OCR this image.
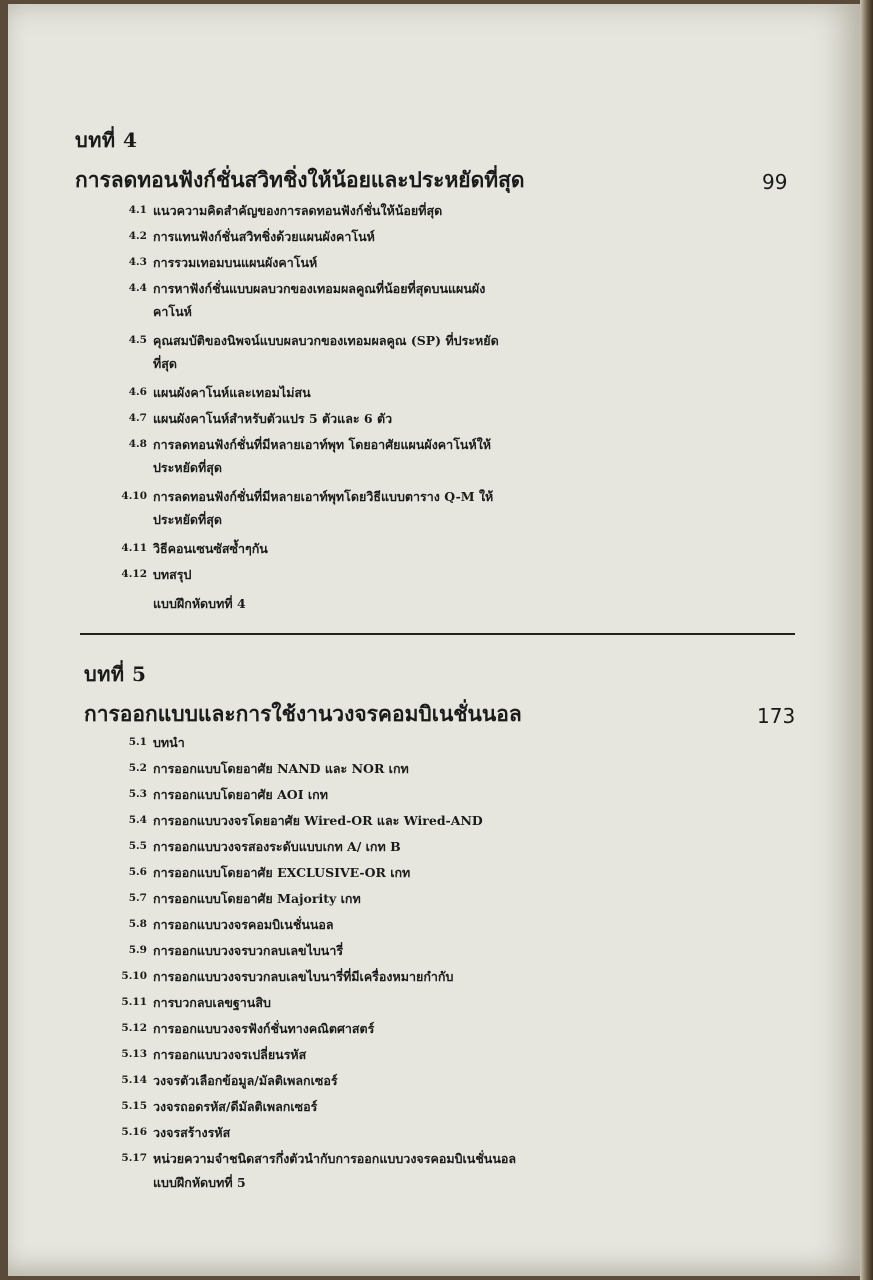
บทที่ 4
การลดทอนฟังก์ชั่นสวิทชิ่งให้น้อยและประหยัดที่สุด	99
4.1 แนวความคิดสำคัญของการลดทอนฟังก์ชั่นให้น้อยที่สุด
4.2 การแทนฟังก์ชั่นสวิทชิ่งด้วยแผนผังคาโนห์
4.3 การรวมเทอมบนแผนผังคาโนห์
4.4 การหาฟังก์ชั่นแบบผลบวกของเทอมผลคูณที่น้อยที่สุดบนแผนผัง
คาโนห์
4.5 คุณสมบัติของนิพจน์แบบผลบวกของเทอมผลคูณ (SP) ที่ประหยัด
ที่สุด
4.6 แผนผังคาโนห์และเทอมไม่สน
4.7 แผนผังคาโนห์สำหรับตัวแปร 5 ตัวและ 6 ตัว
4.8 การลดทอนฟังก์ชั่นที่มีหลายเอาท์พุท โดยอาศัยแผนผังคาโนห์ให้
ประหยัดที่สุด
4.10 การลดทอนฟังก์ชั่นที่มีหลายเอาท์พุทโดยวิธีแบบตาราง Q-M ให้
ประหยัดที่สุด
4.11 วิธีคอนเซนซัสซ้ำๆกัน
4.12 บทสรุป
แบบฝึกหัดบทที่ 4
บทที่ 5
การออกแบบและการใช้งานวงจรคอมบิเนชั่นนอล	173
5.1 บทนำ
5.2 การออกแบบโดยอาศัย NAND และ NOR เกท
5.3 การออกแบบโดยอาศัย AOI เกท
5.4 การออกแบบวงจรโดยอาศัย Wired-OR และ Wired-AND
5.5 การออกแบบวงจรสองระดับแบบเกท A/ เกท B
5.6 การออกแบบโดยอาศัย EXCLUSIVE-OR เกท
5.7 การออกแบบโดยอาศัย Majority เกท
5.8 การออกแบบวงจรคอมบิเนชั่นนอล
5.9 การออกแบบวงจรบวกลบเลขไบนารี่
5.10 การออกแบบวงจรบวกลบเลขไบนารี่ที่มีเครื่องหมายกำกับ
5.11 การบวกลบเลขฐานสิบ
5.12 การออกแบบวงจรฟังก์ชั่นทางคณิตศาสตร์
5.13 การออกแบบวงจรเปลี่ยนรหัส
5.14 วงจรตัวเลือกข้อมูล/มัลติเพลกเซอร์
5.15 วงจรถอดรหัส/ดีมัลติเพลกเซอร์
5.16 วงจรสร้างรหัส
5.17 หน่วยความจำชนิดสารกึ่งตัวนำกับการออกแบบวงจรคอมบิเนชั่นนอล
แบบฝึกหัดบทที่ 5
